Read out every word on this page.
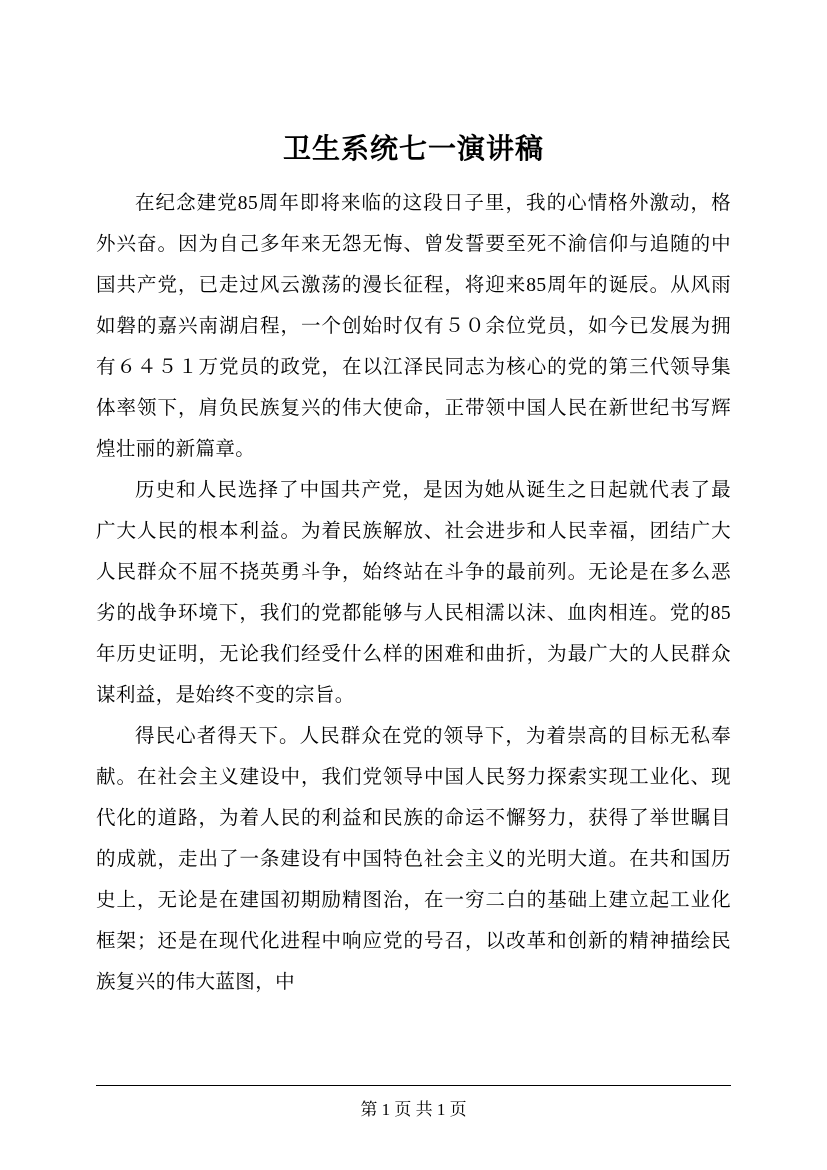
卫生系统七一演讲稿

在纪念建党85周年即将来临的这段日子里，我的心情格外激动，格外兴奋。因为自己多年来无怨无悔、曾发誓要至死不渝信仰与追随的中国共产党，已走过风云激荡的漫长征程，将迎来85周年的诞辰。从风雨如磐的嘉兴南湖启程，一个创始时仅有５０余位党员，如今已发展为拥有６４５１万党员的政党，在以江泽民同志为核心的党的第三代领导集体率领下，肩负民族复兴的伟大使命，正带领中国人民在新世纪书写辉煌壮丽的新篇章。

历史和人民选择了中国共产党，是因为她从诞生之日起就代表了最广大人民的根本利益。为着民族解放、社会进步和人民幸福，团结广大人民群众不屈不挠英勇斗争，始终站在斗争的最前列。无论是在多么恶劣的战争环境下，我们的党都能够与人民相濡以沫、血肉相连。党的85年历史证明，无论我们经受什么样的困难和曲折，为最广大的人民群众谋利益，是始终不变的宗旨。

得民心者得天下。人民群众在党的领导下，为着崇高的目标无私奉献。在社会主义建设中，我们党领导中国人民努力探索实现工业化、现代化的道路，为着人民的利益和民族的命运不懈努力，获得了举世瞩目的成就，走出了一条建设有中国特色社会主义的光明大道。在共和国历史上，无论是在建国初期励精图治，在一穷二白的基础上建立起工业化框架；还是在现代化进程中响应党的号召，以改革和创新的精神描绘民族复兴的伟大蓝图，中

第 1 页 共 1 页
